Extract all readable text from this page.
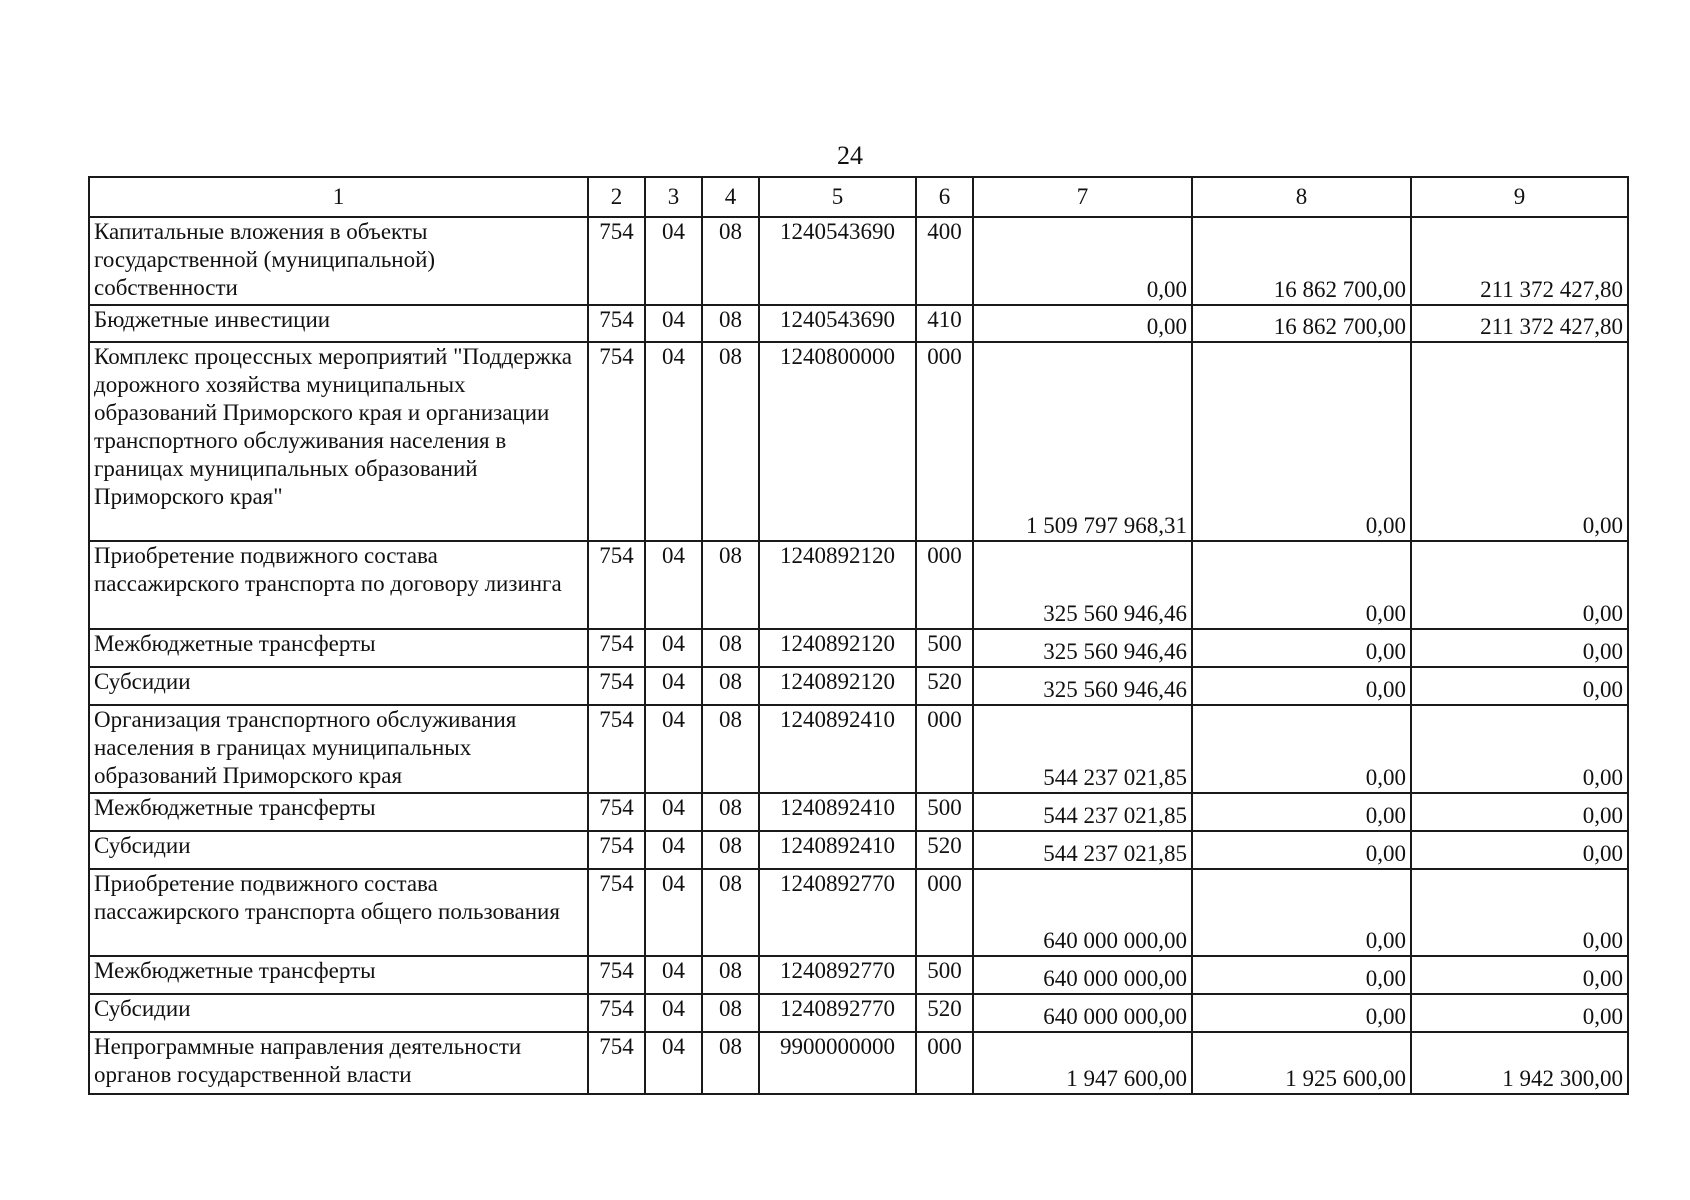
24
1	2	3	4	5	6	7	8	9
Капитальные вложения в объекты государственной (муниципальной) собственности	754	04	08	1240543690	400	0,00	16 862 700,00	211 372 427,80
Бюджетные инвестиции	754	04	08	1240543690	410	0,00	16 862 700,00	211 372 427,80
Комплекс процессных мероприятий "Поддержка дорожного хозяйства муниципальных образований Приморского края и организации транспортного обслуживания населения в границах муниципальных образований Приморского края"	754	04	08	1240800000	000	1 509 797 968,31	0,00	0,00
Приобретение подвижного состава пассажирского транспорта по договору лизинга	754	04	08	1240892120	000	325 560 946,46	0,00	0,00
Межбюджетные трансферты	754	04	08	1240892120	500	325 560 946,46	0,00	0,00
Субсидии	754	04	08	1240892120	520	325 560 946,46	0,00	0,00
Организация транспортного обслуживания населения в границах муниципальных образований Приморского края	754	04	08	1240892410	000	544 237 021,85	0,00	0,00
Межбюджетные трансферты	754	04	08	1240892410	500	544 237 021,85	0,00	0,00
Субсидии	754	04	08	1240892410	520	544 237 021,85	0,00	0,00
Приобретение подвижного состава пассажирского транспорта общего пользования	754	04	08	1240892770	000	640 000 000,00	0,00	0,00
Межбюджетные трансферты	754	04	08	1240892770	500	640 000 000,00	0,00	0,00
Субсидии	754	04	08	1240892770	520	640 000 000,00	0,00	0,00
Непрограммные направления деятельности органов государственной власти	754	04	08	9900000000	000	1 947 600,00	1 925 600,00	1 942 300,00
